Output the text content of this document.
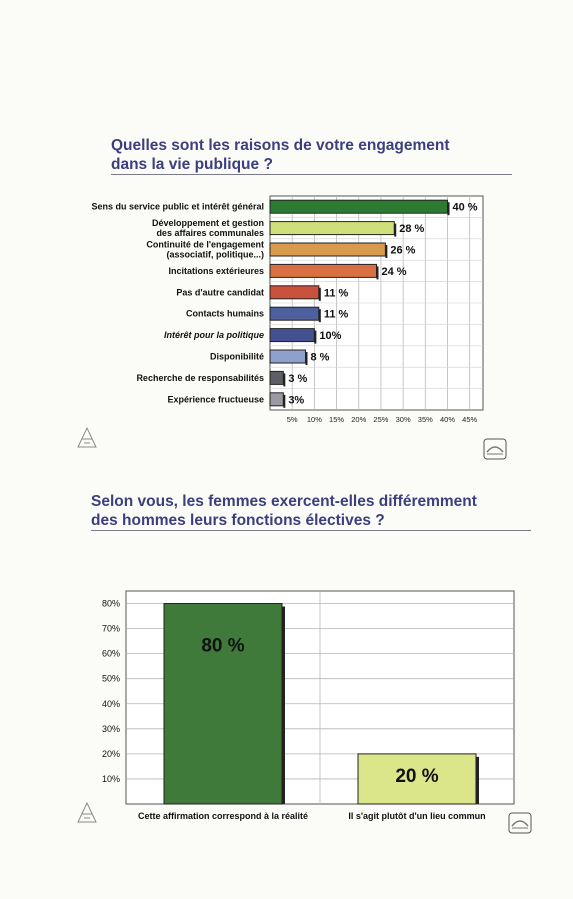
Quelles sont les raisons de votre engagement
dans la vie publique ?
Selon vous, les femmes exercent-elles différemment
des hommes leurs fonctions électives ?
5% 10% 15% 20% 25% 30% 35% 40% 45%
40 %
Sens du service public et intérêt général
28 %
Développement et gestion
des affaires communales
26 %
Continuité de l'engagement
(associatif, politique...)
24 %
Incitations extérieures
11 %
Pas d'autre candidat
11 %
Contacts humains
10%
Intérêt pour la politique
8 %
Disponibilité
3 %
Recherche de responsabilités
3%
Expérience fructueuse
10%
20%
30%
40%
50%
60%
70%
80%
80 %
Cette affirmation correspond à la réalité
20 %
Il s'agit plutôt d'un lieu commun
